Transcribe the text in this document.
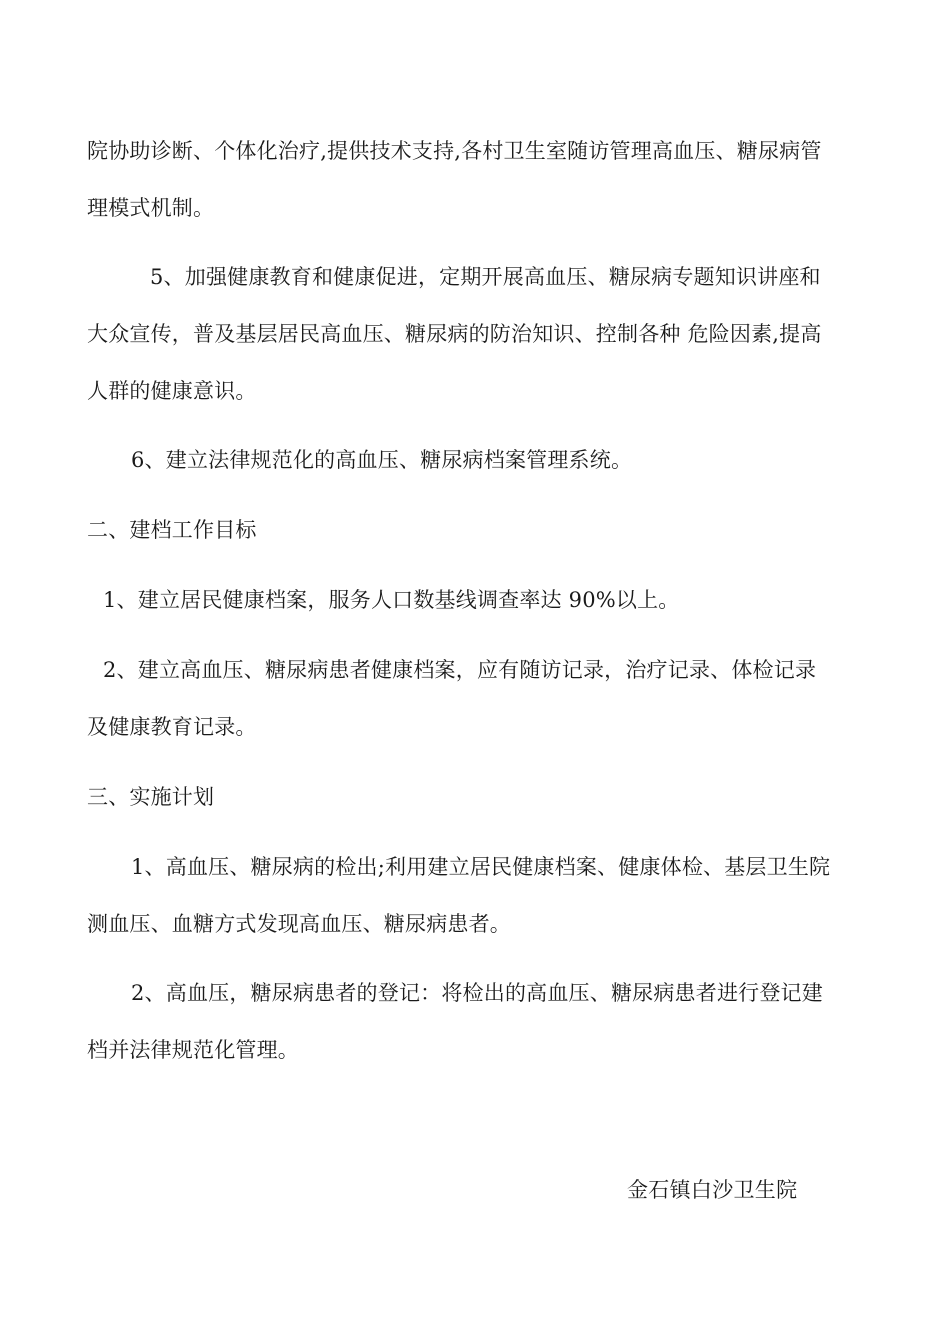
院协助诊断、个体化治疗,提供技术支持,各村卫生室随访管理高血压、糖尿病管
理模式机制。
5、加强健康教育和健康促进，定期开展高血压、糖尿病专题知识讲座和
大众宣传，普及基层居民高血压、糖尿病的防治知识、控制各种 危险因素,提高
人群的健康意识。
6、建立法律规范化的高血压、糖尿病档案管理系统。
二、建档工作目标
1、建立居民健康档案，服务人口数基线调查率达 90%以上。
2、建立高血压、糖尿病患者健康档案，应有随访记录，治疗记录、体检记录
及健康教育记录。
三、实施计划
1、高血压、糖尿病的检出;利用建立居民健康档案、健康体检、基层卫生院
测血压、血糖方式发现高血压、糖尿病患者。
2、高血压，糖尿病患者的登记：将检出的高血压、糖尿病患者进行登记建
档并法律规范化管理。
金石镇白沙卫生院
